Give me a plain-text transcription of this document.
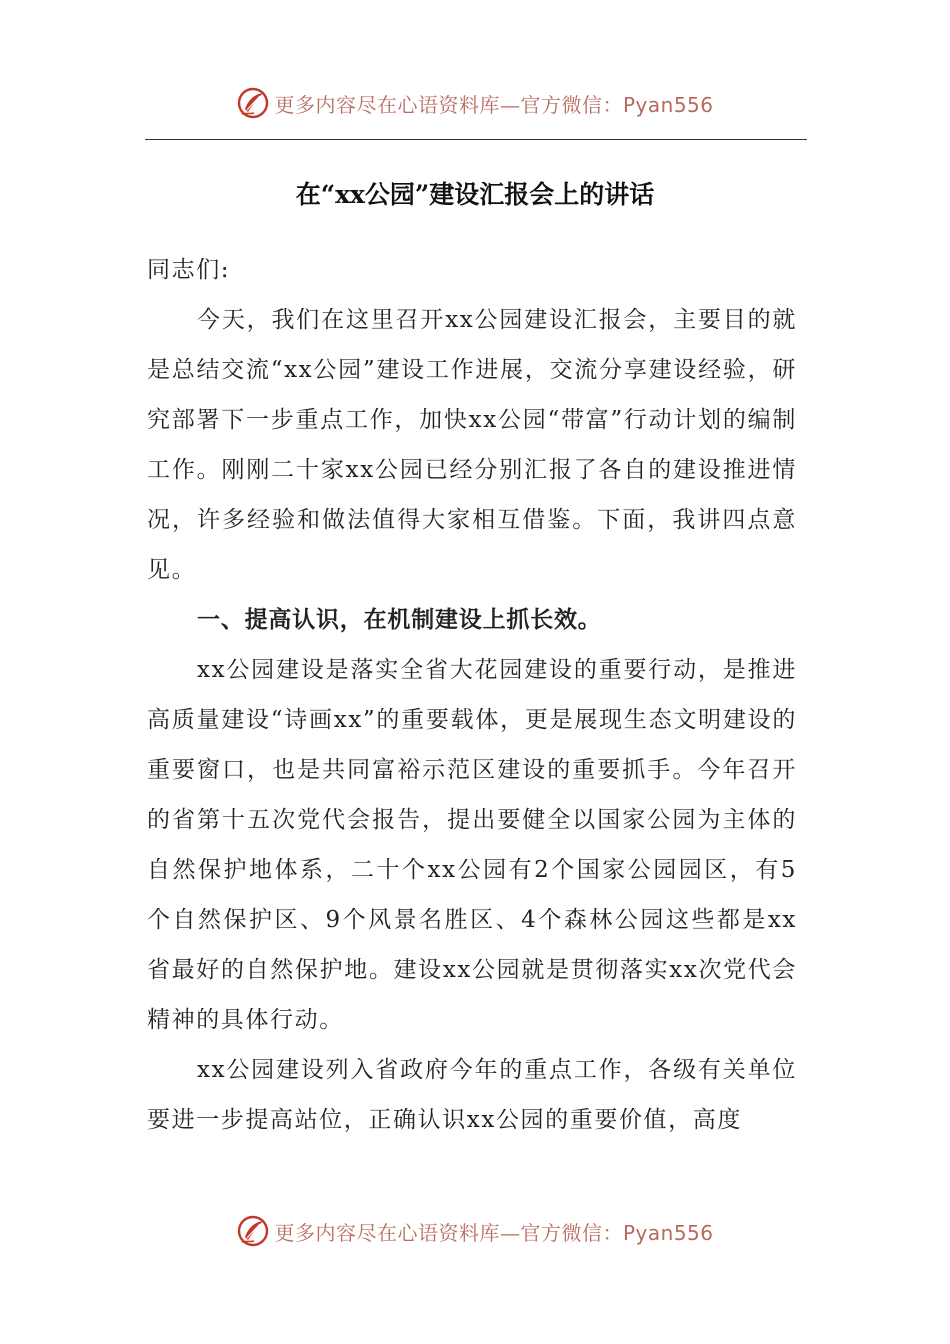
更多内容尽在心语资料库—官方微信：Pyan556
在“xx公园”建设汇报会上的讲话

同志们:

今天，我们在这里召开xx公园建设汇报会，主要目的就是总结交流“xx公园”建设工作进展，交流分享建设经验，研究部署下一步重点工作，加快xx公园“带富”行动计划的编制工作。刚刚二十家xx公园已经分别汇报了各自的建设推进情况，许多经验和做法值得大家相互借鉴。下面，我讲四点意见。

一、提高认识，在机制建设上抓长效。

xx公园建设是落实全省大花园建设的重要行动，是推进高质量建设“诗画xx”的重要载体，更是展现生态文明建设的重要窗口，也是共同富裕示范区建设的重要抓手。今年召开的省第十五次党代会报告，提出要健全以国家公园为主体的自然保护地体系，二十个xx公园有2个国家公园园区，有5个自然保护区、9个风景名胜区、4个森林公园这些都是xx省最好的自然保护地。建设xx公园就是贯彻落实xx次党代会精神的具体行动。

xx公园建设列入省政府今年的重点工作，各级有关单位要进一步提高站位，正确认识xx公园的重要价值，高度

更多内容尽在心语资料库—官方微信：Pyan556
